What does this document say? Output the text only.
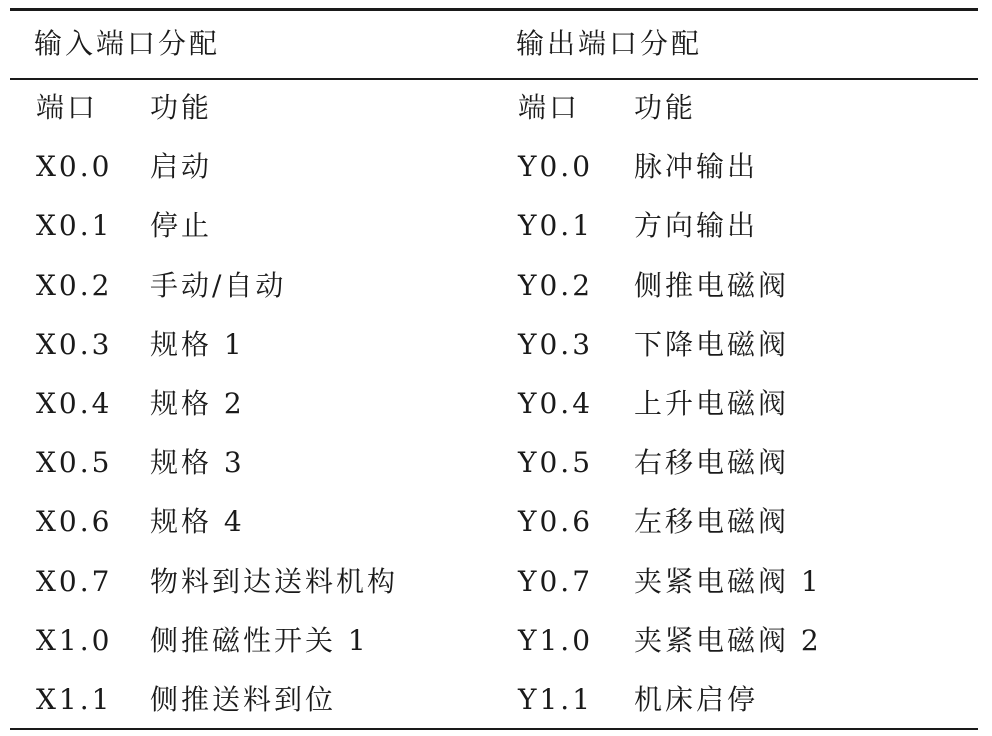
输入端口分配	输出端口分配
端口 功能	端口 功能
X0.0 启动	Y0.0 脉冲输出
X0.1 停止	Y0.1 方向输出
X0.2 手动/自动	Y0.2 侧推电磁阀
X0.3 规格 1	Y0.3 下降电磁阀
X0.4 规格 2	Y0.4 上升电磁阀
X0.5 规格 3	Y0.5 右移电磁阀
X0.6 规格 4	Y0.6 左移电磁阀
X0.7 物料到达送料机构	Y0.7 夹紧电磁阀 1
X1.0 侧推磁性开关 1	Y1.0 夹紧电磁阀 2
X1.1 侧推送料到位	Y1.1 机床启停
